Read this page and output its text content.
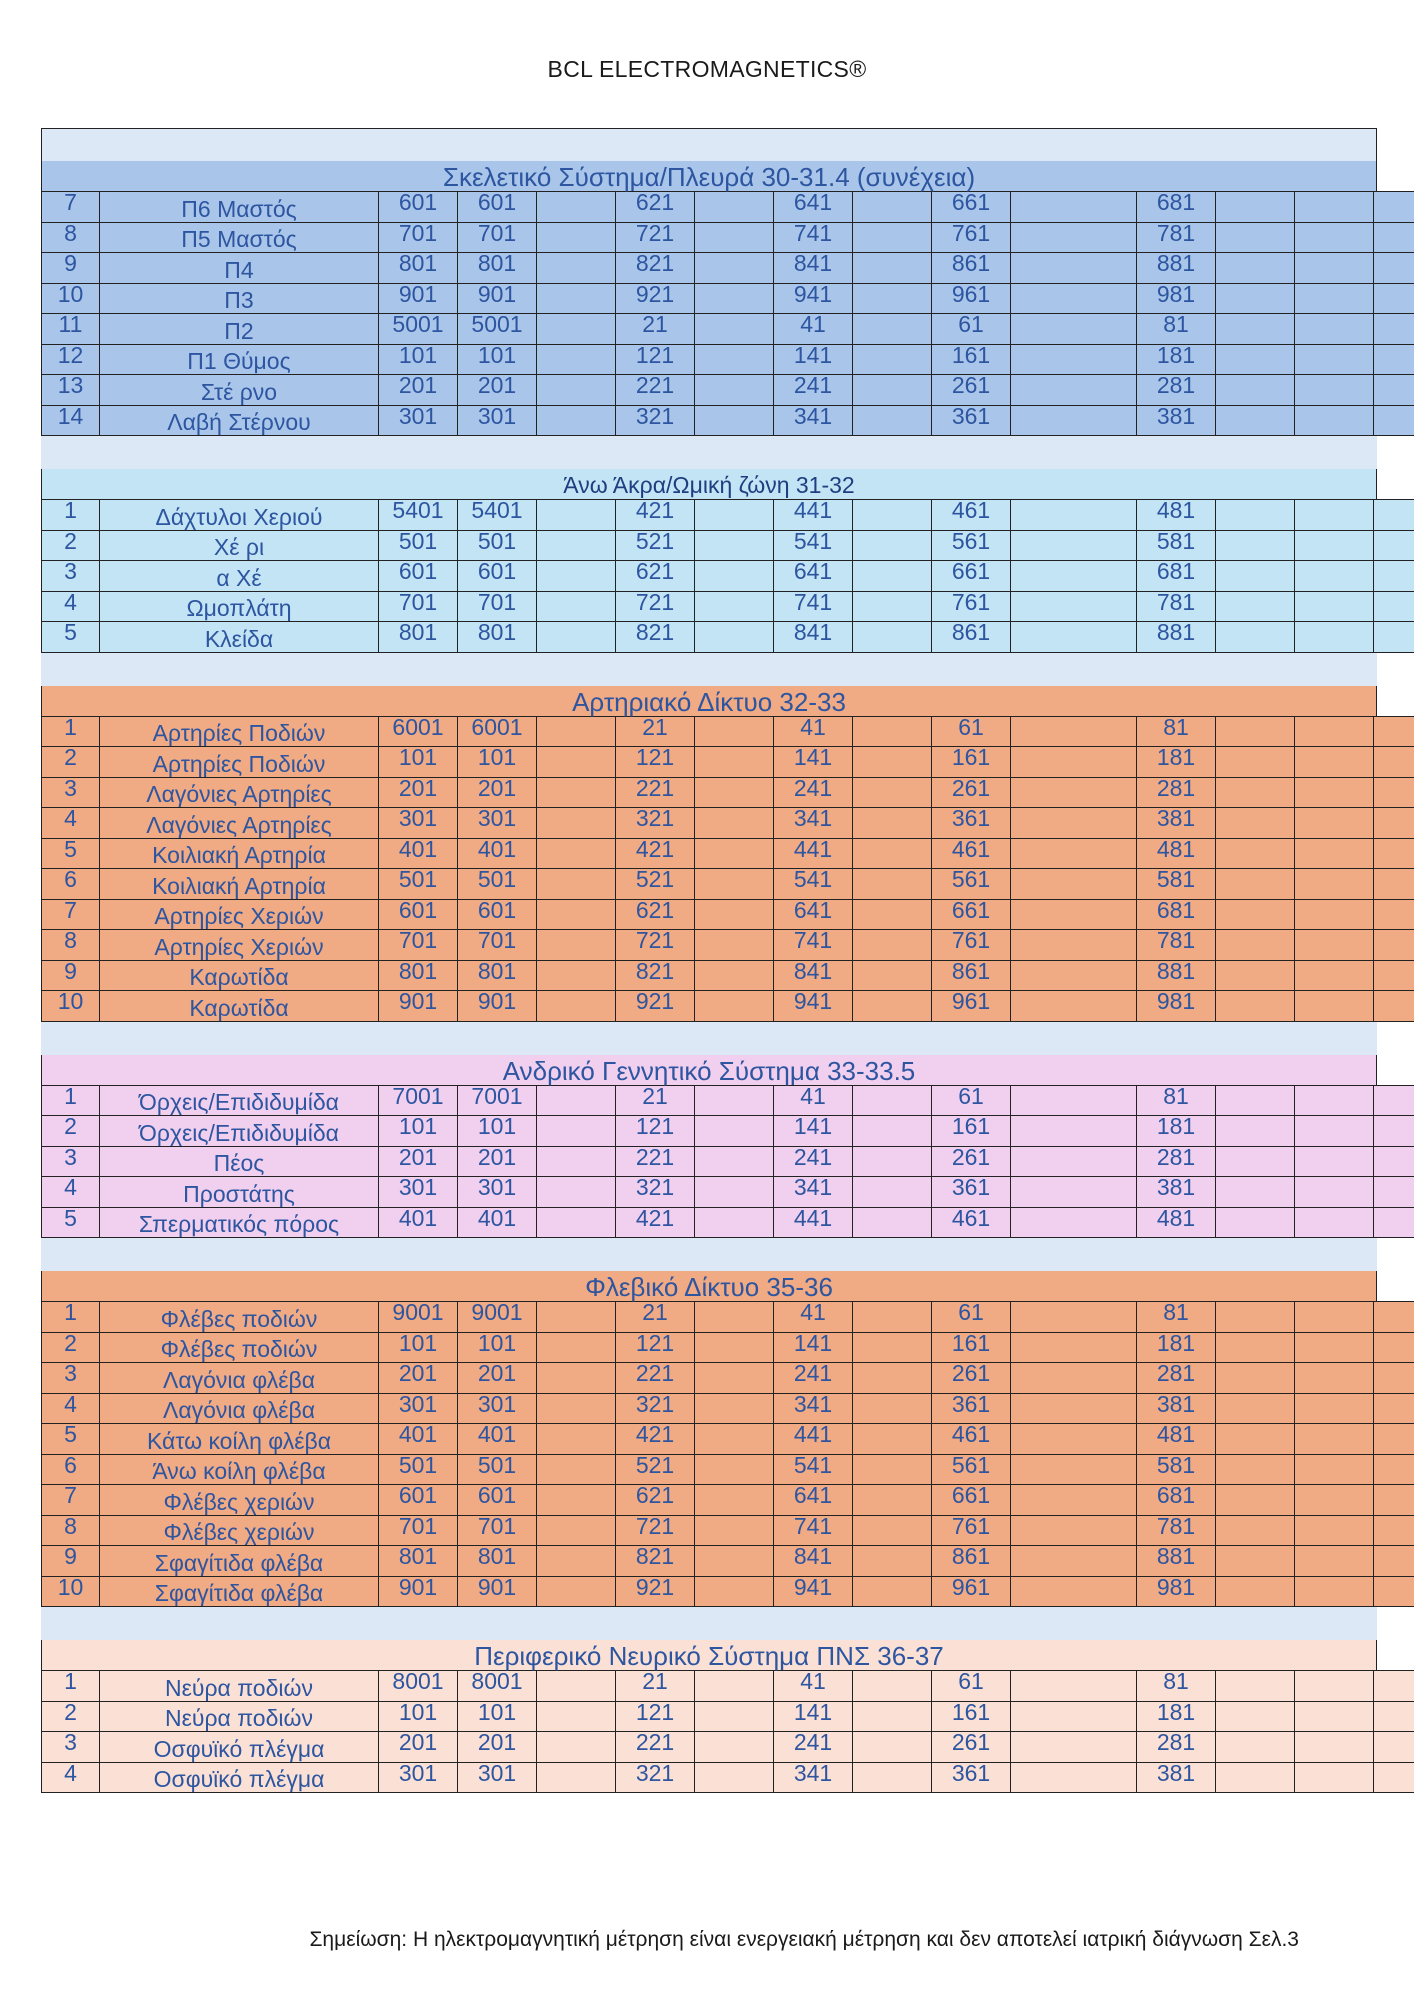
BCL ELECTROMAGNETICS®
Σκελετικό Σύστημα/Πλευρά 30-31.4 (συνέχεια)
7	Π6 Μαστός	601	601		621		641		661		681			
8	Π5 Μαστός	701	701		721		741		761		781			
9	Π4	801	801		821		841		861		881			
10	Π3	901	901		921		941		961		981			
11	Π2	5001	5001		21		41		61		81			
12	Π1 Θύμος	101	101		121		141		161		181			
13	Στέ ρνο	201	201		221		241		261		281			
14	Λαβή Στέρνου	301	301		321		341		361		381			
Άνω Άκρα/Ωμική ζώνη 31-32
1	Δάχτυλοι Χεριού	5401	5401		421		441		461		481			
2	Χέ ρι	501	501		521		541		561		581			
3	α Χέ	601	601		621		641		661		681			
4	Ωμοπλάτη	701	701		721		741		761		781			
5	Κλείδα	801	801		821		841		861		881			
Αρτηριακό Δίκτυο 32-33
1	Αρτηρίες Ποδιών	6001	6001		21		41		61		81			
2	Αρτηρίες Ποδιών	101	101		121		141		161		181			
3	Λαγόνιες Αρτηρίες	201	201		221		241		261		281			
4	Λαγόνιες Αρτηρίες	301	301		321		341		361		381			
5	Κοιλιακή Αρτηρία	401	401		421		441		461		481			
6	Κοιλιακή Αρτηρία	501	501		521		541		561		581			
7	Αρτηρίες Χεριών	601	601		621		641		661		681			
8	Αρτηρίες Χεριών	701	701		721		741		761		781			
9	Καρωτίδα	801	801		821		841		861		881			
10	Καρωτίδα	901	901		921		941		961		981			
Ανδρικό Γεννητικό Σύστημα 33-33.5
1	Όρχεις/Επιδιδυμίδα	7001	7001		21		41		61		81			
2	Όρχεις/Επιδιδυμίδα	101	101		121		141		161		181			
3	Πέος	201	201		221		241		261		281			
4	Προστάτης	301	301		321		341		361		381			
5	Σπερματικός πόρος	401	401		421		441		461		481			
Φλεβικό Δίκτυο 35-36
1	Φλέβες ποδιών	9001	9001		21		41		61		81			
2	Φλέβες ποδιών	101	101		121		141		161		181			
3	Λαγόνια φλέβα	201	201		221		241		261		281			
4	Λαγόνια φλέβα	301	301		321		341		361		381			
5	Κάτω κοίλη φλέβα	401	401		421		441		461		481			
6	Άνω κοίλη φλέβα	501	501		521		541		561		581			
7	Φλέβες χεριών	601	601		621		641		661		681			
8	Φλέβες χεριών	701	701		721		741		761		781			
9	Σφαγίτιδα φλέβα	801	801		821		841		861		881			
10	Σφαγίτιδα φλέβα	901	901		921		941		961		981			
Περιφερικό Νευρικό Σύστημα ΠΝΣ 36-37
1	Νεύρα ποδιών	8001	8001		21		41		61		81			
2	Νεύρα ποδιών	101	101		121		141		161		181			
3	Οσφυϊκό πλέγμα	201	201		221		241		261		281			
4	Οσφυϊκό πλέγμα	301	301		321		341		361		381			
Σημείωση: Η ηλεκτρομαγνητική μέτρηση είναι ενεργειακή μέτρηση και δεν αποτελεί ιατρική διάγνωση Σελ.3
